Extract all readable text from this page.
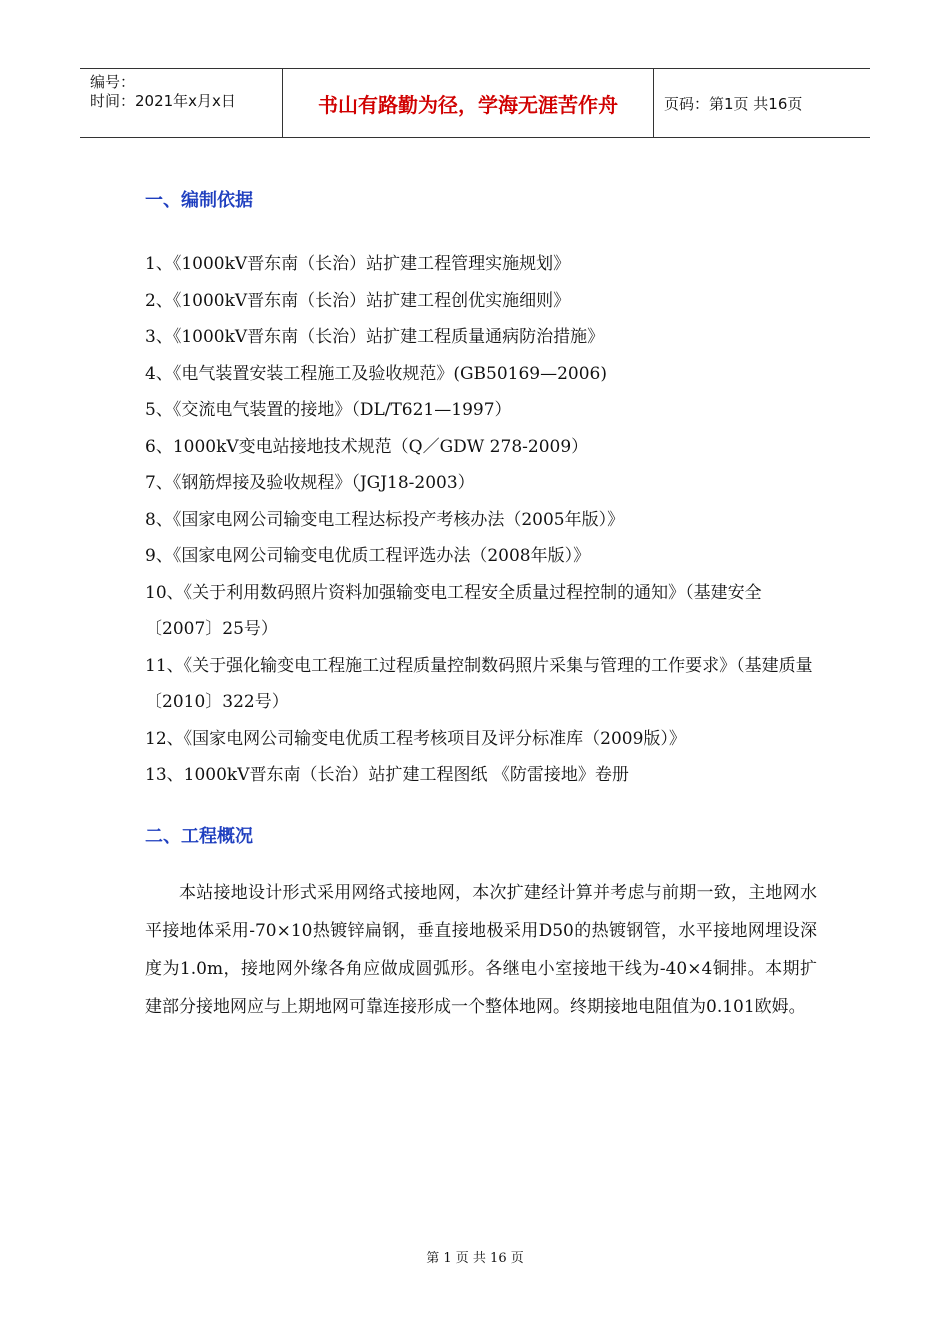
编号：
时间：2021年x月x日	书山有路勤为径，学海无涯苦作舟	页码：第1页 共16页
一、编制依据
1、《1000kV晋东南（长治）站扩建工程管理实施规划》
2、《1000kV晋东南（长治）站扩建工程创优实施细则》
3、《1000kV晋东南（长治）站扩建工程质量通病防治措施》
4、《电气装置安装工程施工及验收规范》(GB50169—2006)
5、《交流电气装置的接地》（DL/T621—1997）
6、1000kV变电站接地技术规范（Q／GDW 278-2009）
7、《钢筋焊接及验收规程》（JGJ18-2003）
8、《国家电网公司输变电工程达标投产考核办法（2005年版）》
9、《国家电网公司输变电优质工程评选办法（2008年版）》
10、《关于利用数码照片资料加强输变电工程安全质量过程控制的通知》（基建安全〔2007〕25号）
11、《关于强化输变电工程施工过程质量控制数码照片采集与管理的工作要求》（基建质量〔2010〕322号）
12、《国家电网公司输变电优质工程考核项目及评分标准库（2009版）》
13、1000kV晋东南（长治）站扩建工程图纸 《防雷接地》卷册
二、工程概况

本站接地设计形式采用网络式接地网，本次扩建经计算并考虑与前期一致，主地网水平接地体采用-70×10热镀锌扁钢，垂直接地极采用D50的热镀钢管，水平接地网埋设深度为1.0m，接地网外缘各角应做成圆弧形。各继电小室接地干线为-40×4铜排。本期扩建部分接地网应与上期地网可靠连接形成一个整体地网。终期接地电阻值为0.101欧姆。

第 1 页 共 16 页
